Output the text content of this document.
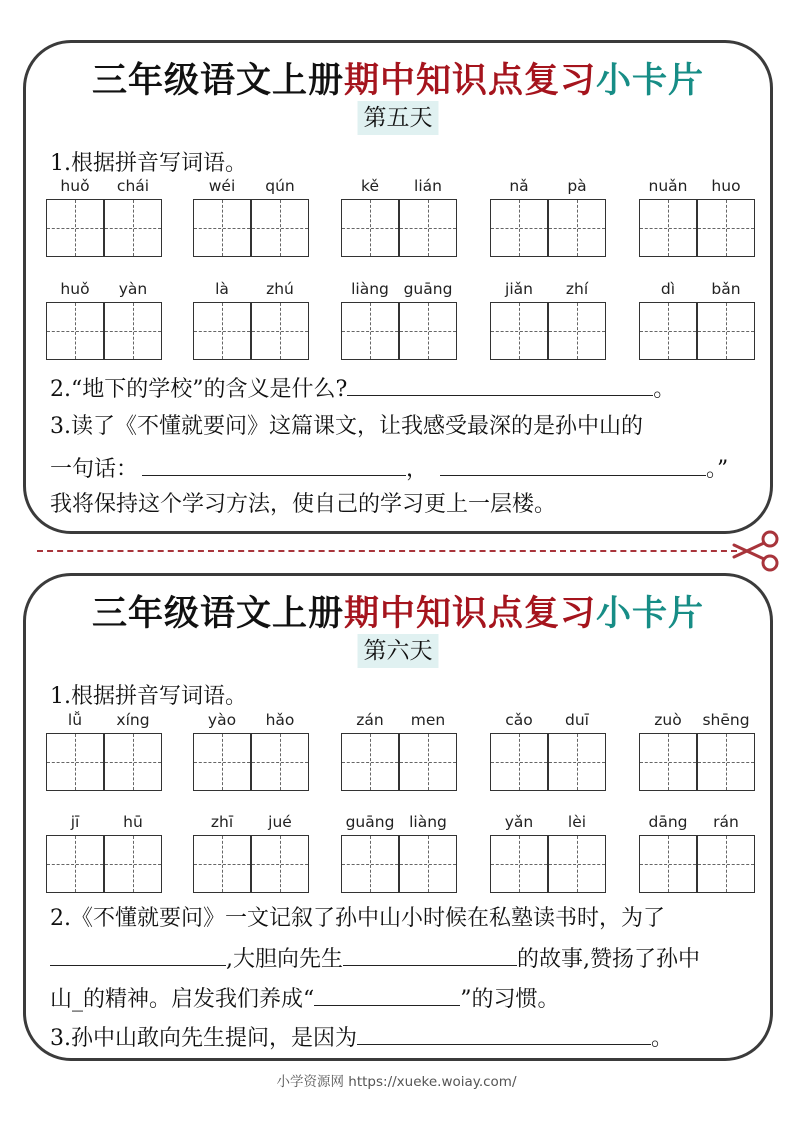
三年级语文上册期中知识点复习小卡片
第五天
1.根据拼音写词语。
huǒ	chái	wéi	qún	kě	lián	nǎ	pà	nuǎn	huo
huǒ	yàn	là	zhú	liàng guāng	jiǎn	zhí	dì	bǎn
2.“地下的学校”的含义是什么?	。
3.读了《不懂就要问》这篇课文，让我感受最深的是孙中山的
一句话：	，	。”
我将保持这个学习方法，使自己的学习更上一层楼。
三年级语文上册期中知识点复习小卡片
第六天
1.根据拼音写词语。
lǚ	xíng	yào	hǎo	zán	men	cǎo	duī	zuò	shēng
jī	hū	zhī	jué	guāng liàng	yǎn	lèi	dāng	rán
2.《不懂就要问》一文记叙了孙中山小时候在私塾读书时，为了
,大胆向先生	的故事,赞扬了孙中
山_的精神。启发我们养成“	”的习惯。
3.孙中山敢向先生提问，是因为	。
小学资源网 https://xueke.woiay.com/
